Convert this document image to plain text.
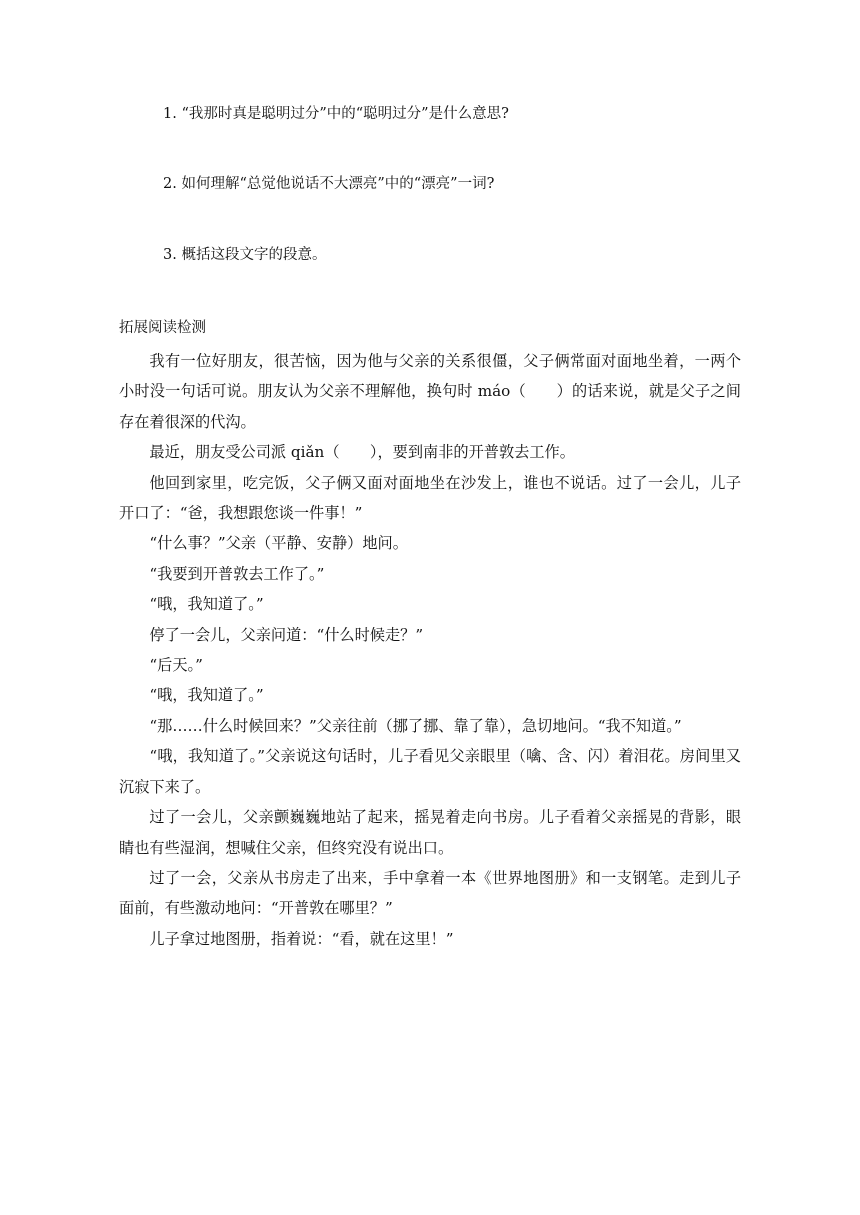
1. “我那时真是聪明过分”中的“聪明过分”是什么意思?
2. 如何理解“总觉他说话不大漂亮”中的“漂亮”一词?
3. 概括这段文字的段意。
拓展阅读检测

我有一位好朋友，很苦恼，因为他与父亲的关系很僵，父子俩常面对面地坐着，一两个小时没一句话可说。朋友认为父亲不理解他，换句时 máo（　　）的话来说，就是父子之间存在着很深的代沟。

最近，朋友受公司派 qiǎn（　　），要到南非的开普敦去工作。

他回到家里，吃完饭，父子俩又面对面地坐在沙发上，谁也不说话。过了一会儿，儿子开口了：“爸，我想跟您谈一件事！”

“什么事？”父亲（平静、安静）地问。

“我要到开普敦去工作了。”

“哦，我知道了。”

停了一会儿，父亲问道：“什么时候走？”

“后天。”

“哦，我知道了。”

“那……什么时候回来？”父亲往前（挪了挪、靠了靠），急切地问。“我不知道。”

“哦，我知道了。”父亲说这句话时，儿子看见父亲眼里（噙、含、闪）着泪花。房间里又沉寂下来了。

过了一会儿，父亲颤巍巍地站了起来，摇晃着走向书房。儿子看着父亲摇晃的背影，眼睛也有些湿润，想喊住父亲，但终究没有说出口。

过了一会，父亲从书房走了出来，手中拿着一本《世界地图册》和一支钢笔。走到儿子面前，有些激动地问：“开普敦在哪里？”

儿子拿过地图册，指着说：“看，就在这里！”
